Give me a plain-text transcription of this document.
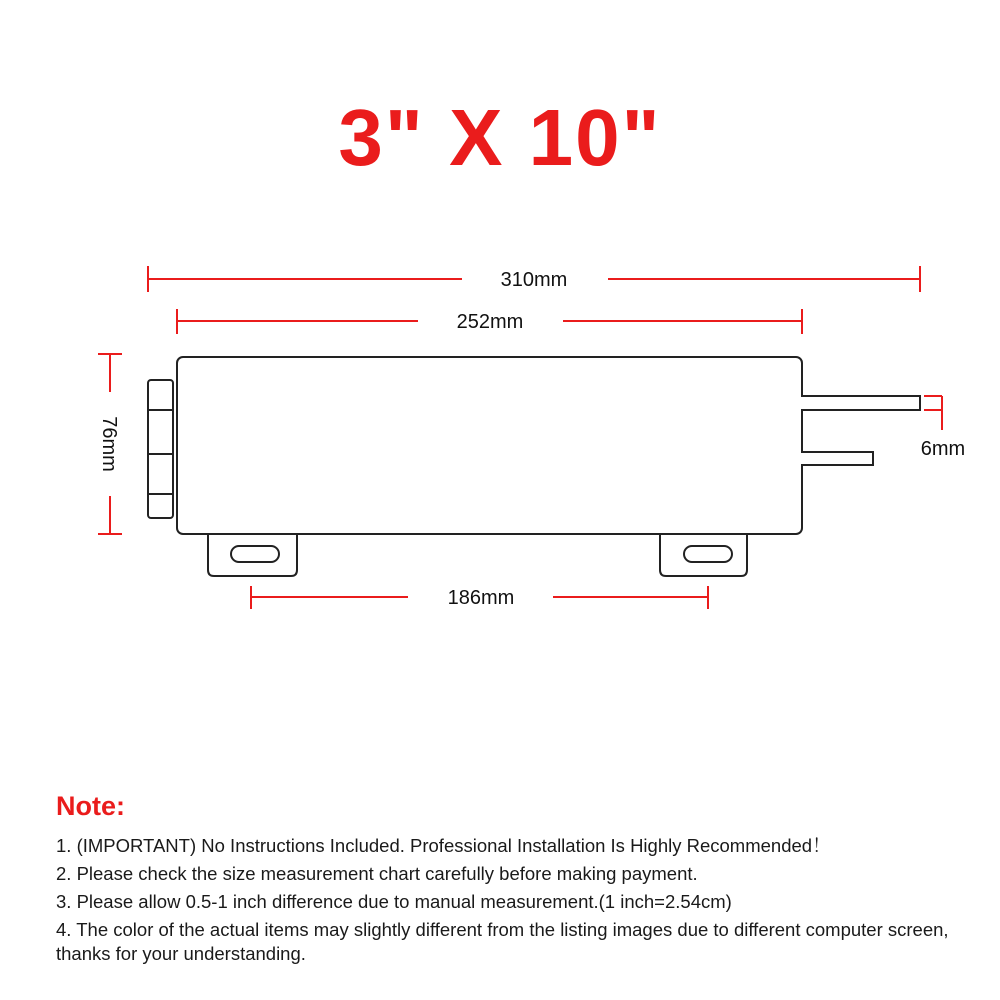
3" X 10"
310mm
252mm
76mm	6mm
186mm
Note:
1. (IMPORTANT) No Instructions Included. Professional Installation Is Highly Recommended！
2. Please check the size measurement chart carefully before making payment.
3. Please allow 0.5-1 inch difference due to manual measurement.(1 inch=2.54cm)
4. The color of the actual items may slightly different from the listing images due to different computer screen, thanks for your understanding.
